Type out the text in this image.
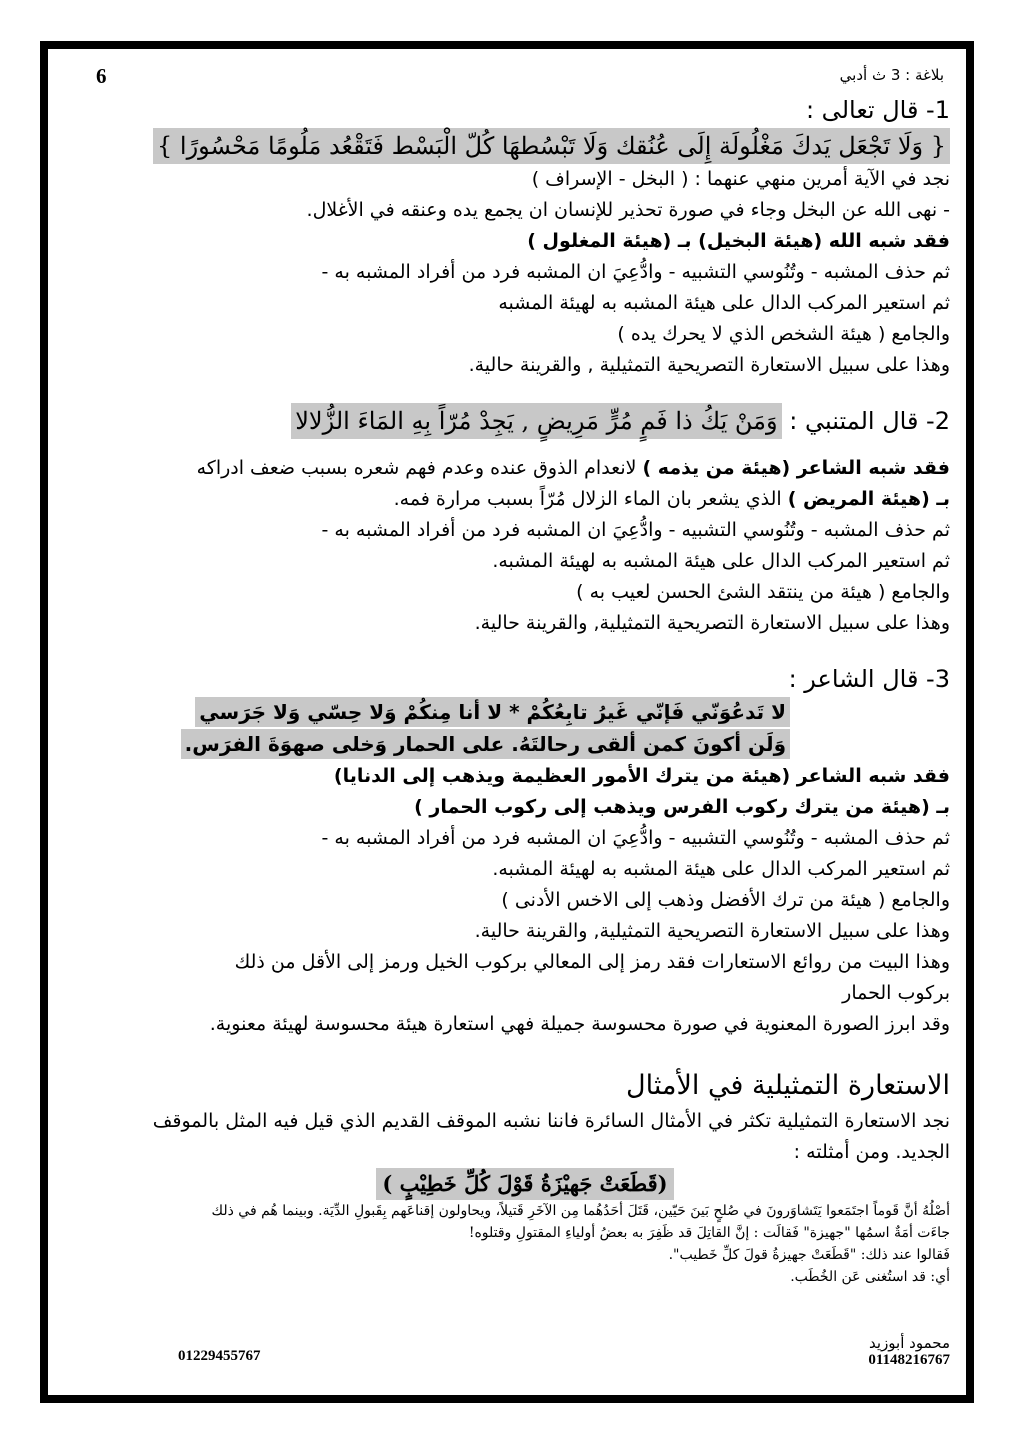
6	بلاغة : 3 ث أدبي
1- قال تعالى :
{ وَلَا تَجْعَل يَدكَ مَغْلُولَة إِلَى عُنُقك وَلَا تَبْسُطهَا كُلّ الْبَسْط فَتَقْعُد مَلُومًا مَحْسُورًا }
نجد في الآية أمرين منهي عنهما : ( البخل - الإسراف )
- نهى الله عن البخل وجاء في صورة تحذير للإنسان ان يجمع يده وعنقه في الأغلال.
فقد شبه الله (هيئة البخيل) بـ (هيئة المغلول )
ثم حذف المشبه - وتُنُوسي التشبيه - وادُّعِيَ ان المشبه فرد من أفراد المشبه به -
ثم استعير المركب الدال على هيئة المشبه به لهيئة المشبه
والجامع ( هيئة الشخص الذي لا يحرك يده )
وهذا على سبيل الاستعارة التصريحية التمثيلية , والقرينة حالية.
2- قال المتنبي : وَمَنْ يَكُ ذا فَمٍ مُرٍّ مَرِيضٍ , يَجِدْ مُرّاً بِهِ المَاءَ الزُّلالا
فقد شبه الشاعر (هيئة من يذمه ) لانعدام الذوق عنده وعدم فهم شعره بسبب ضعف ادراكه
بـ (هيئة المريض ) الذي يشعر بان الماء الزلال مُرّاً بسبب مرارة فمه.
ثم حذف المشبه - وتُنُوسي التشبيه - وادُّعِيَ ان المشبه فرد من أفراد المشبه به -
ثم استعير المركب الدال على هيئة المشبه به لهيئة المشبه.
والجامع ( هيئة من ينتقد الشئ الحسن لعيب به )
وهذا على سبيل الاستعارة التصريحية التمثيلية, والقرينة حالية.
3- قال الشاعر :
لا تَدعُوَنّي فَإنّي غَيرُ تابِعُكُمْ * لا أنا مِنكُمْ وَلا حِسّي وَلا جَرَسي
وَلَن أكونَ كمن ألقى رحالتَهُ. على الحمار وَخلى صهوَةَ الفرَس.
فقد شبه الشاعر (هيئة من يترك الأمور العظيمة ويذهب إلى الدنايا)
بـ (هيئة من يترك ركوب الفرس ويذهب إلى ركوب الحمار )
ثم حذف المشبه - وتُنُوسي التشبيه - وادُّعِيَ ان المشبه فرد من أفراد المشبه به -
ثم استعير المركب الدال على هيئة المشبه به لهيئة المشبه.
والجامع ( هيئة من ترك الأفضل وذهب إلى الاخس الأدنى )
وهذا على سبيل الاستعارة التصريحية التمثيلية, والقرينة حالية.
وهذا البيت من روائع الاستعارات فقد رمز إلى المعالي بركوب الخيل ورمز إلى الأقل من ذلك
بركوب الحمار
وقد ابرز الصورة المعنوية في صورة محسوسة جميلة فهي استعارة هيئة محسوسة لهيئة معنوية.
الاستعارة التمثيلية في الأمثال
نجد الاستعارة التمثيلية تكثر في الأمثال السائرة فاننا نشبه الموقف القديم الذي قيل فيه المثل بالموقف
الجديد. ومن أمثلته :
(قَطَعَتْ جَهيْزَةُ قَوْلَ كُلِّ خَطِيْبٍ )
أصْلُهُ أنَّ قَوماً اجتَمَعوا يَتَشاوَرونَ في صُلحٍ بَينَ حَيّين، قَتَلَ أحَدُهُما مِن الآخَرِ قَتيلاً، ويحاولون إقناعَهم بِقَبولِ الدِّيَة. وبينما هُم في ذلك
جاءَت أمَةٌ اسمُها "جهيزة" فَقالَت : إنَّ القاتِلَ قد ظَفِرَ به بعضُ أولياءِ المقتولِ وقتلوه!
فَقالوا عند ذلك: "قَطَعَتْ جهيزةُ قولَ كلِّ خَطيب".
أي: قد استُغنى عَن الخُطَب.
01229455767
محمود أبوزيد
01148216767
